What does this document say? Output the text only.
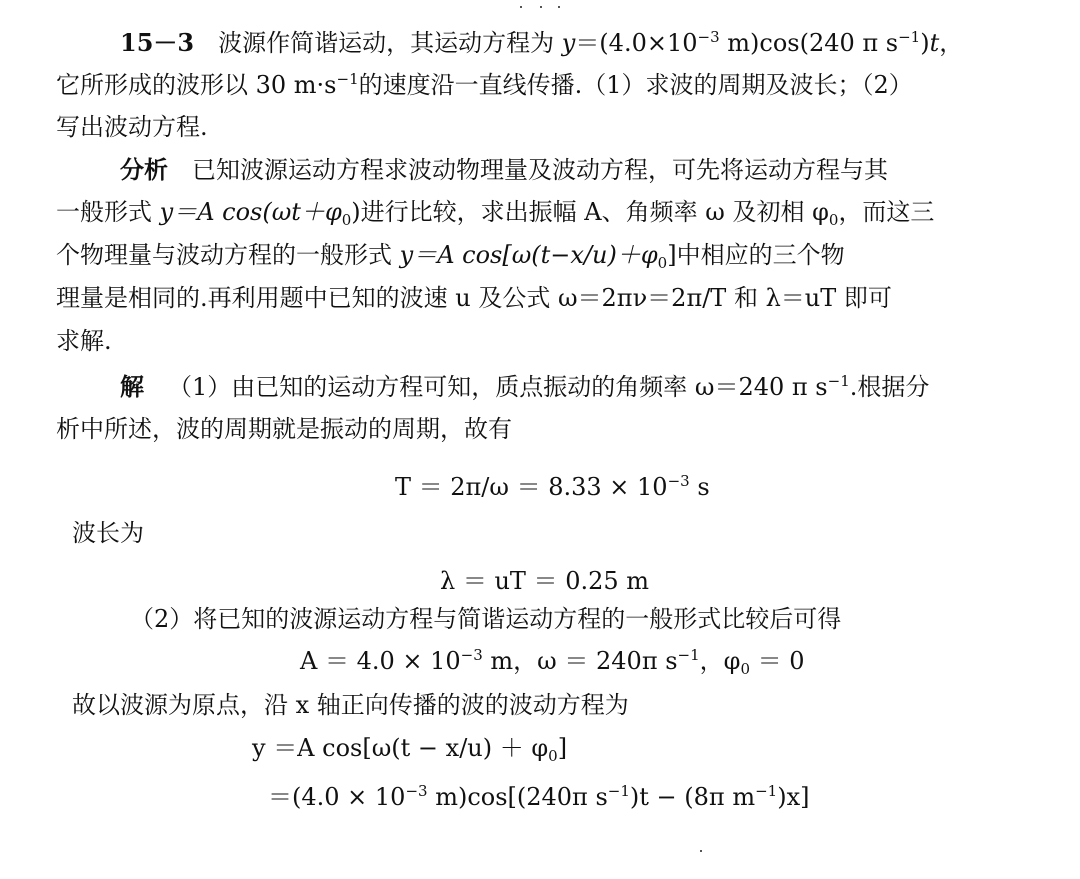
15－3 波源作简谐运动，其运动方程为 $y=(4.0\times 10^{-3}$ m)cos(240 π $s^{-1})t$，
它所形成的波形以 30 $m\cdot s^{-1}$的速度沿一直线传播.（1）求波的周期及波长；（2）
写出波动方程.
分析 已知波源运动方程求波动物理量及波动方程，可先将运动方程与其
一般形式 y＝A $\cos(\omega t+\varphi_0)$进行比较，求出振幅 A、角频率 ω 及初相 $\varphi_0$，而这三
个物理量与波动方程的一般形式 y＝A $\cos[\omega(t-x/u)+\varphi_0]$中相应的三个物
理量是相同的.再利用题中已知的波速 u 及公式 ω＝2πν＝2π/T 和 λ＝uT 即可
求解.
解 （1）由已知的运动方程可知，质点振动的角频率 ω＝240 π $s^{-1}$.根据分
析中所述，波的周期就是振动的周期，故有
$T = 2\pi/\omega = 8.33 \times 10^{-3}$ s
波长为
λ ＝ uT ＝ 0.25 m
（2）将已知的波源运动方程与简谐运动方程的一般形式比较后可得
$A = 4.0 \times 10^{-3}$ m，ω ＝ 240π $s^{-1}$，$\varphi_0 = 0$
故以波源为原点，沿 x 轴正向传播的波的波动方程为
y ＝A $\cos[\omega(t - x/u) + \varphi_0]$
$=(4.0 \times 10^{-3}$ m)cos[(240π $s^{-1})t - (8\pi$ $m^{-1})x$]
